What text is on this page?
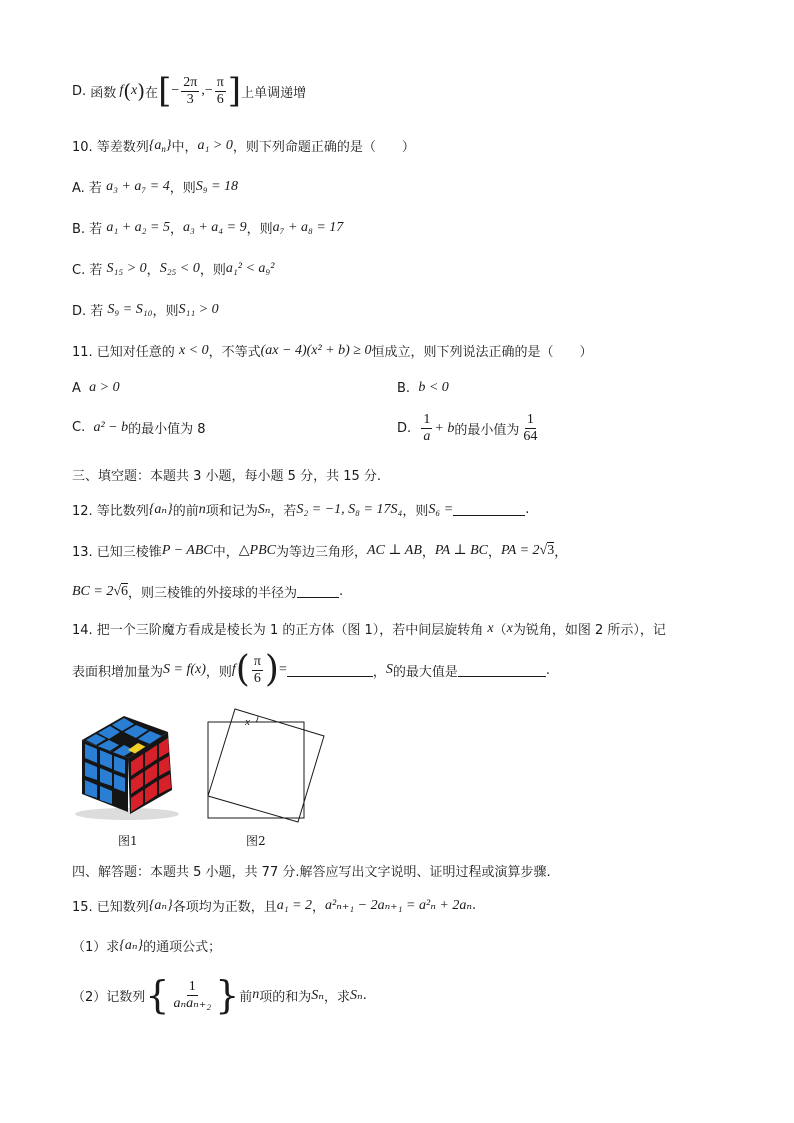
D.
函数 f ( x ) 在 [ − $\frac{2\pi}{3}$ ,− $\frac{\pi}{6}$ ] 上单调递增
10. 等差数列 $\{a_n\}$ 中， a₁ > 0 ，则下列命题正确的是（　　）
A. 若
a₃ + a₇ = 4 ，则 S₉ = 18
B. 若
a₁ + a₂ = 5 ， a₃ + a₄ = 9 ，则 a₇ + a₈ = 17
C. 若
S₁₅ > 0 ， S₂₅ < 0 ，则 a₁² < a₉²
D. 若
S₉ = S₁₀ ，则 S₁₁ > 0
11. 已知对任意的
x < 0 ，不等式 (ax − 4)(x² + b) ≥ 0 恒成立，则下列说法正确的是（　　）
A
a > 0	B.
b < 0
C.
a² − b 的最小值为 8	D.
$\frac{1}{a} + b$ 的最小值为 $\frac{1}{64}$
三、填空题：本题共 3 小题，每小题 5 分，共 15 分.
12. 等比数列 {aₙ} 的前 n 项和记为 Sₙ ，若 S₂ = −1, S₈ = 17S₄ ，则 S₆ =	.
13. 已知三棱锥 P − ABC 中， △PBC 为等边三角形， AC ⊥ AB ， PA ⊥ BC ， PA = 2 √ 3 ，
BC = 2 √ 6 ，则三棱锥的外接球的半径为	.
14. 把一个三阶魔方看成是棱长为 1 的正方体（图 1），若中间层旋转角
x （ x 为锐角，如图 2 所示），记
表面积增加量为 S = f(x) ，则 f ( $\frac{\pi}{6}$ ) =	， S 的最大值是	.
图1
x
图2
四、解答题：本题共 5 小题，共 77 分.解答应写出文字说明、证明过程或演算步骤.
15. 已知数列 {aₙ} 各项均为正数，且 a₁ = 2 ， a²ₙ₊₁ − 2aₙ₊₁ = a²ₙ + 2aₙ .
（1）求 {aₙ} 的通项公式；
（2）记数列 { $\frac{1}{\text{aₙaₙ₊₂}}$ } 前 n 项的和为 Sₙ ，求 Sₙ .
